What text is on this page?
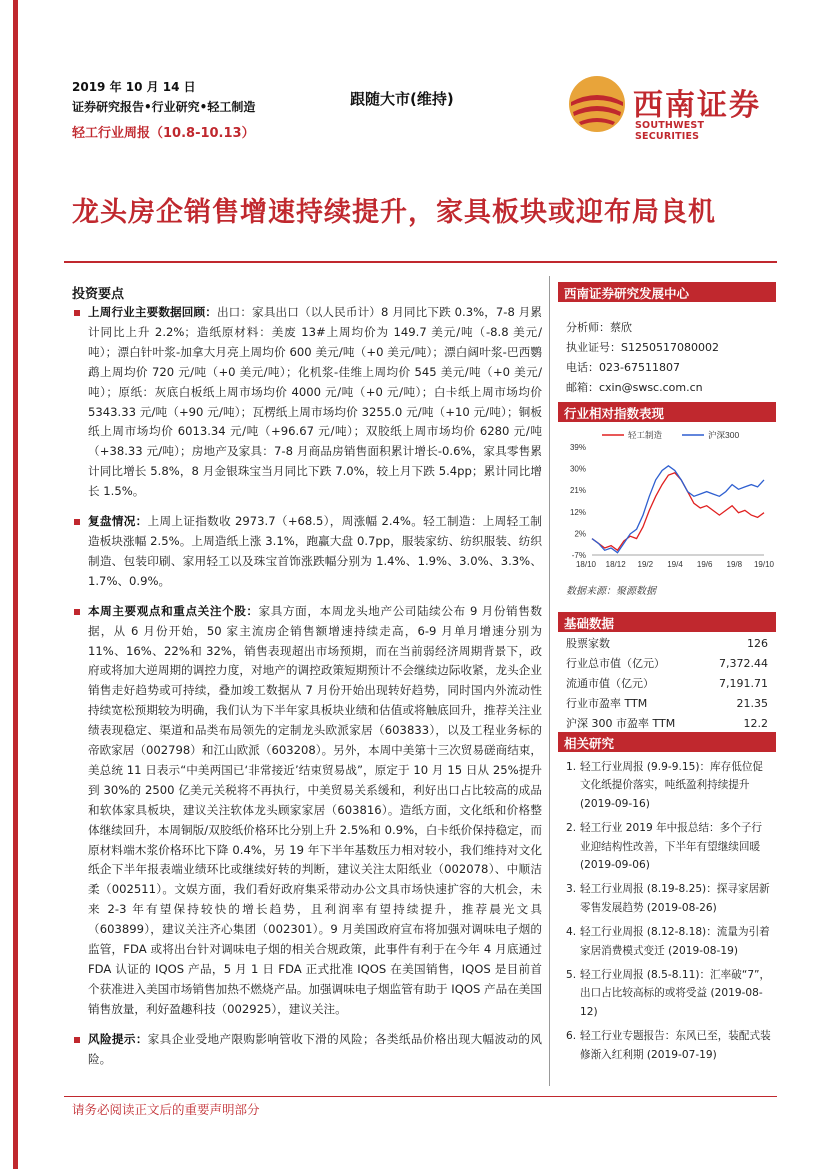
2019 年 10 月 14 日
证券研究报告•行业研究•轻工制造
轻工行业周报（10.8-10.13）
跟随大市(维持)	西南证券
SOUTHWEST SECURITIES
龙头房企销售增速持续提升，家具板块或迎布局良机
投资要点
上周行业主要数据回顾：出口：家具出口（以人民币计）8 月同比下跌 0.3%，7-8 月累计同比上升 2.2%；造纸原材料：美废 13#上周均价为 149.7 美元/吨（-8.8 美元/吨）；漂白针叶浆-加拿大月亮上周均价 600 美元/吨（+0 美元/吨）；漂白阔叶浆-巴西鹦鹉上周均价 720 元/吨（+0 美元/吨）；化机浆-佳维上周均价 545 美元/吨（+0 美元/吨）；原纸：灰底白板纸上周市场均价 4000 元/吨（+0 元/吨）；白卡纸上周市场均价 5343.33 元/吨（+90 元/吨）；瓦楞纸上周市场均价 3255.0 元/吨（+10 元/吨）；铜板纸上周市场均价 6013.34 元/吨（+96.67 元/吨）；双胶纸上周市场均价 6280 元/吨（+38.33 元/吨）；房地产及家具：7-8 月商品房销售面积累计增长-0.6%，家具零售累计同比增长 5.8%，8 月金银珠宝当月同比下跌 7.0%，较上月下跌 5.4pp；累计同比增长 1.5%。
复盘情况：上周上证指数收 2973.7（+68.5），周涨幅 2.4%。轻工制造：上周轻工制造板块涨幅 2.5%。上周造纸上涨 3.1%，跑赢大盘 0.7pp，服装家纺、纺织服装、纺织制造、包装印刷、家用轻工以及珠宝首饰涨跌幅分别为 1.4%、1.9%、3.0%、3.3%、1.7%、0.9%。
本周主要观点和重点关注个股：家具方面，本周龙头地产公司陆续公布 9 月份销售数据，从 6 月份开始，50 家主流房企销售额增速持续走高，6-9 月单月增速分别为 11%、16%、22%和 32%，销售表现超出市场预期，而在当前弱经济周期背景下，政府或将加大逆周期的调控力度，对地产的调控政策短期预计不会继续边际收紧，龙头企业销售走好趋势或可持续，叠加竣工数据从 7 月份开始出现转好趋势，同时国内外流动性持续宽松预期较为明确，我们认为下半年家具板块业绩和估值或将触底回升，推荐关注业绩表现稳定、渠道和品类布局领先的定制龙头欧派家居（603833），以及工程业务标的帝欧家居（002798）和江山欧派（603208）。另外，本周中美第十三次贸易磋商结束，美总统 11 日表示“中美两国已‘非常接近’结束贸易战”，原定于 10 月 15 日从 25%提升到 30%的 2500 亿美元关税将不再执行，中美贸易关系缓和，利好出口占比较高的成品和软体家具板块，建议关注软体龙头顾家家居（603816）。造纸方面，文化纸和价格整体继续回升，本周铜版/双胶纸价格环比分别上升 2.5%和 0.9%，白卡纸价保持稳定，而原材料端木浆价格环比下降 0.4%，另 19 年下半年基数压力相对较小，我们维持对文化纸企下半年报表端业绩环比或继续好转的判断，建议关注太阳纸业（002078）、中顺洁柔（002511）。文娱方面，我们看好政府集采带动办公文具市场快速扩容的大机会，未来 2-3 年有望保持较快的增长趋势，且利润率有望持续提升，推荐晨光文具（603899），建议关注齐心集团（002301）。9 月美国政府宣布将加强对调味电子烟的监管，FDA 或将出台针对调味电子烟的相关合规政策，此事件有利于在今年 4 月底通过 FDA 认证的 IQOS 产品，5 月 1 日 FDA 正式批准 IQOS 在美国销售，IQOS 是目前首个获准进入美国市场销售加热不燃烧产品。加强调味电子烟监管有助于 IQOS 产品在美国销售放量，利好盈趣科技（002925），建议关注。
风险提示：家具企业受地产限购影响管收下滑的风险；各类纸品价格出现大幅波动的风险。
西南证券研究发展中心
分析师：蔡欣
执业证号：S1250517080002
电话：023-67511807
邮箱：cxin@swsc.com.cn
行业相对指数表现
39%
30%
21%
12%
2%
-7%
18/10 18/12 19/2 19/4 19/6 19/8 19/10
轻工制造	沪深300
数据来源：聚源数据
基础数据
股票家数	126
行业总市值（亿元）	7,372.44
流通市值（亿元）	7,191.71
行业市盈率 TTM	21.35
沪深 300 市盈率 TTM	12.2
相关研究
1. 轻工行业周报 (9.9-9.15)：库存低位促文化纸提价落实，吨纸盈利持续提升 (2019-09-16)
2. 轻工行业 2019 年中报总结：多个子行业迎结构性改善，下半年有望继续回暖 (2019-09-06)
3. 轻工行业周报 (8.19-8.25)：探寻家居新零售发展趋势 (2019-08-26)
4. 轻工行业周报 (8.12-8.18)：流量为引着家居消费模式变迁 (2019-08-19)
5. 轻工行业周报 (8.5-8.11)：汇率破“7”，出口占比较高标的或将受益 (2019-08-12)
6. 轻工行业专题报告：东风已至，装配式装修渐入红利期 (2019-07-19)
请务必阅读正文后的重要声明部分
